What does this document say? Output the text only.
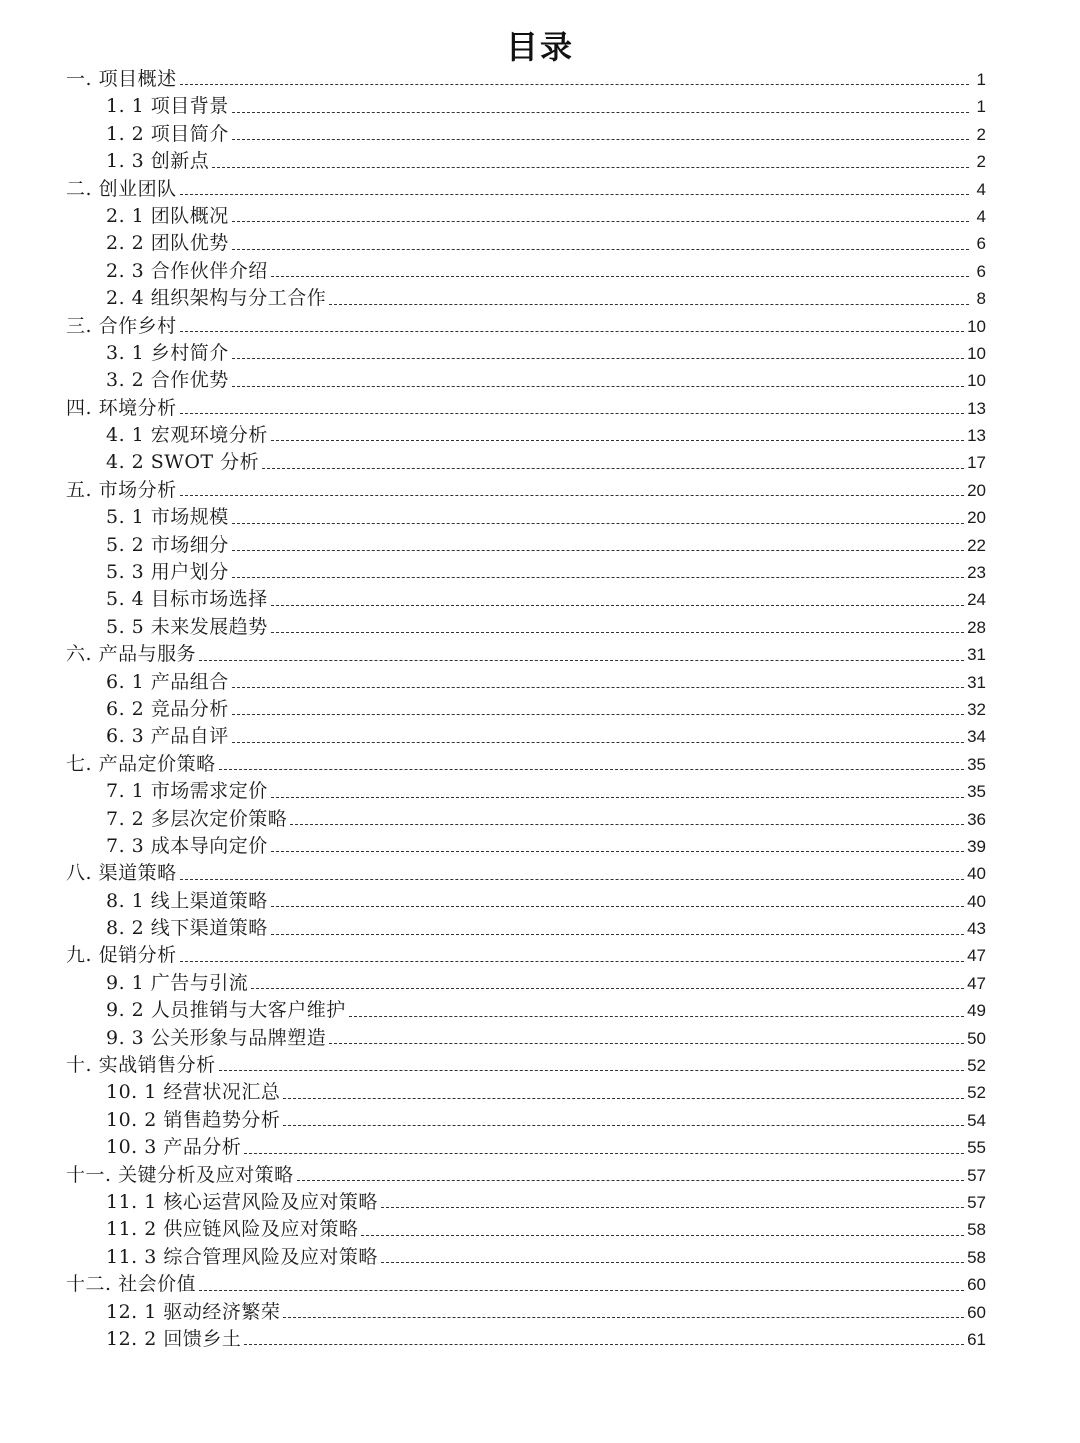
目录
一. 项目概述	1
1. 1 项目背景	1
1. 2 项目简介	2
1. 3 创新点	2
二. 创业团队	4
2. 1 团队概况	4
2. 2 团队优势	6
2. 3 合作伙伴介绍	6
2. 4 组织架构与分工合作	8
三. 合作乡村	10
3. 1 乡村简介	10
3. 2 合作优势	10
四. 环境分析	13
4. 1 宏观环境分析	13
4. 2 SWOT 分析	17
五. 市场分析	20
5. 1 市场规模	20
5. 2 市场细分	22
5. 3 用户划分	23
5. 4 目标市场选择	24
5. 5 未来发展趋势	28
六. 产品与服务	31
6. 1 产品组合	31
6. 2 竞品分析	32
6. 3 产品自评	34
七. 产品定价策略	35
7. 1 市场需求定价	35
7. 2 多层次定价策略	36
7. 3 成本导向定价	39
八. 渠道策略	40
8. 1 线上渠道策略	40
8. 2 线下渠道策略	43
九. 促销分析	47
9. 1 广告与引流	47
9. 2 人员推销与大客户维护	49
9. 3 公关形象与品牌塑造	50
十. 实战销售分析	52
10. 1 经营状况汇总	52
10. 2 销售趋势分析	54
10. 3 产品分析	55
十一. 关键分析及应对策略	57
11. 1 核心运营风险及应对策略	57
11. 2 供应链风险及应对策略	58
11. 3 综合管理风险及应对策略	58
十二. 社会价值	60
12. 1 驱动经济繁荣	60
12. 2 回馈乡土	61
